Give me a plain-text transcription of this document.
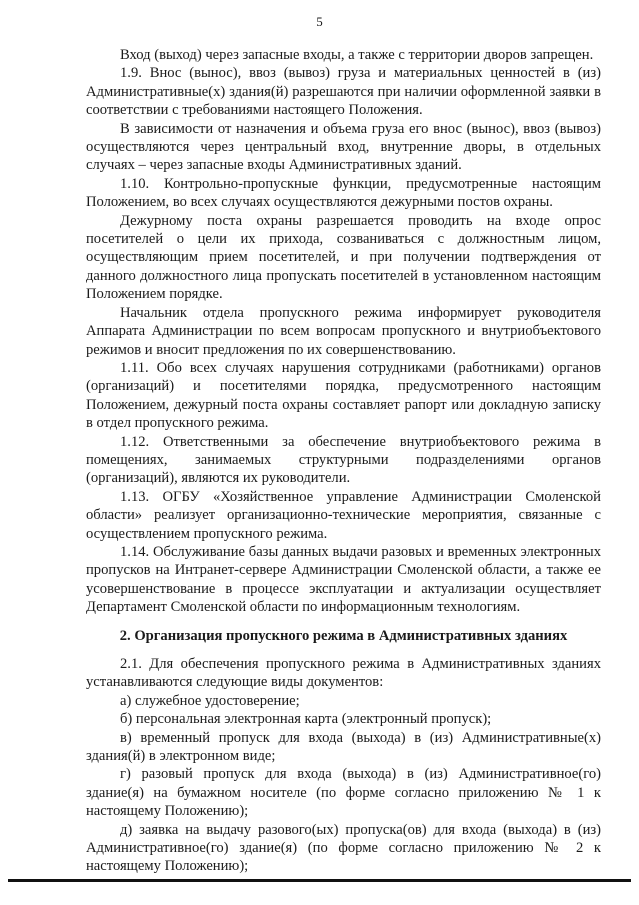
5

Вход (выход) через запасные входы, а также с территории дворов запрещен.

1.9. Внос (вынос), ввоз (вывоз) груза и материальных ценностей в (из) Административные(х) здания(й) разрешаются при наличии оформленной заявки в соответствии с требованиями настоящего Положения.

В зависимости от назначения и объема груза его внос (вынос), ввоз (вывоз) осуществляются через центральный вход, внутренние дворы, в отдельных случаях – через запасные входы Административных зданий.

1.10. Контрольно-пропускные функции, предусмотренные настоящим Положением, во всех случаях осуществляются дежурными постов охраны.

Дежурному поста охраны разрешается проводить на входе опрос посетителей о цели их прихода, созваниваться с должностным лицом, осуществляющим прием посетителей, и при получении подтверждения от данного должностного лица пропускать посетителей в установленном настоящим Положением порядке.

Начальник отдела пропускного режима информирует руководителя Аппарата Администрации по всем вопросам пропускного и внутриобъектового режимов и вносит предложения по их совершенствованию.

1.11. Обо всех случаях нарушения сотрудниками (работниками) органов (организаций) и посетителями порядка, предусмотренного настоящим Положением, дежурный поста охраны составляет рапорт или докладную записку в отдел пропускного режима.

1.12. Ответственными за обеспечение внутриобъектового режима в помещениях, занимаемых структурными подразделениями органов (организаций), являются их руководители.

1.13. ОГБУ «Хозяйственное управление Администрации Смоленской области» реализует организационно-технические мероприятия, связанные с осуществлением пропускного режима.

1.14. Обслуживание базы данных выдачи разовых и временных электронных пропусков на Интранет-сервере Администрации Смоленской области, а также ее усовершенствование в процессе эксплуатации и актуализации осуществляет Департамент Смоленской области по информационным технологиям.

2. Организация пропускного режима в Административных зданиях

2.1. Для обеспечения пропускного режима в Административных зданиях устанавливаются следующие виды документов:

а) служебное удостоверение;

б) персональная электронная карта (электронный пропуск);

в) временный пропуск для входа (выхода) в (из) Административные(х) здания(й) в электронном виде;

г) разовый пропуск для входа (выхода) в (из) Административное(го) здание(я) на бумажном носителе (по форме согласно приложению № 1 к настоящему Положению);

д) заявка на выдачу разового(ых) пропуска(ов) для входа (выхода) в (из) Административное(го) здание(я) (по форме согласно приложению № 2 к настоящему Положению);
